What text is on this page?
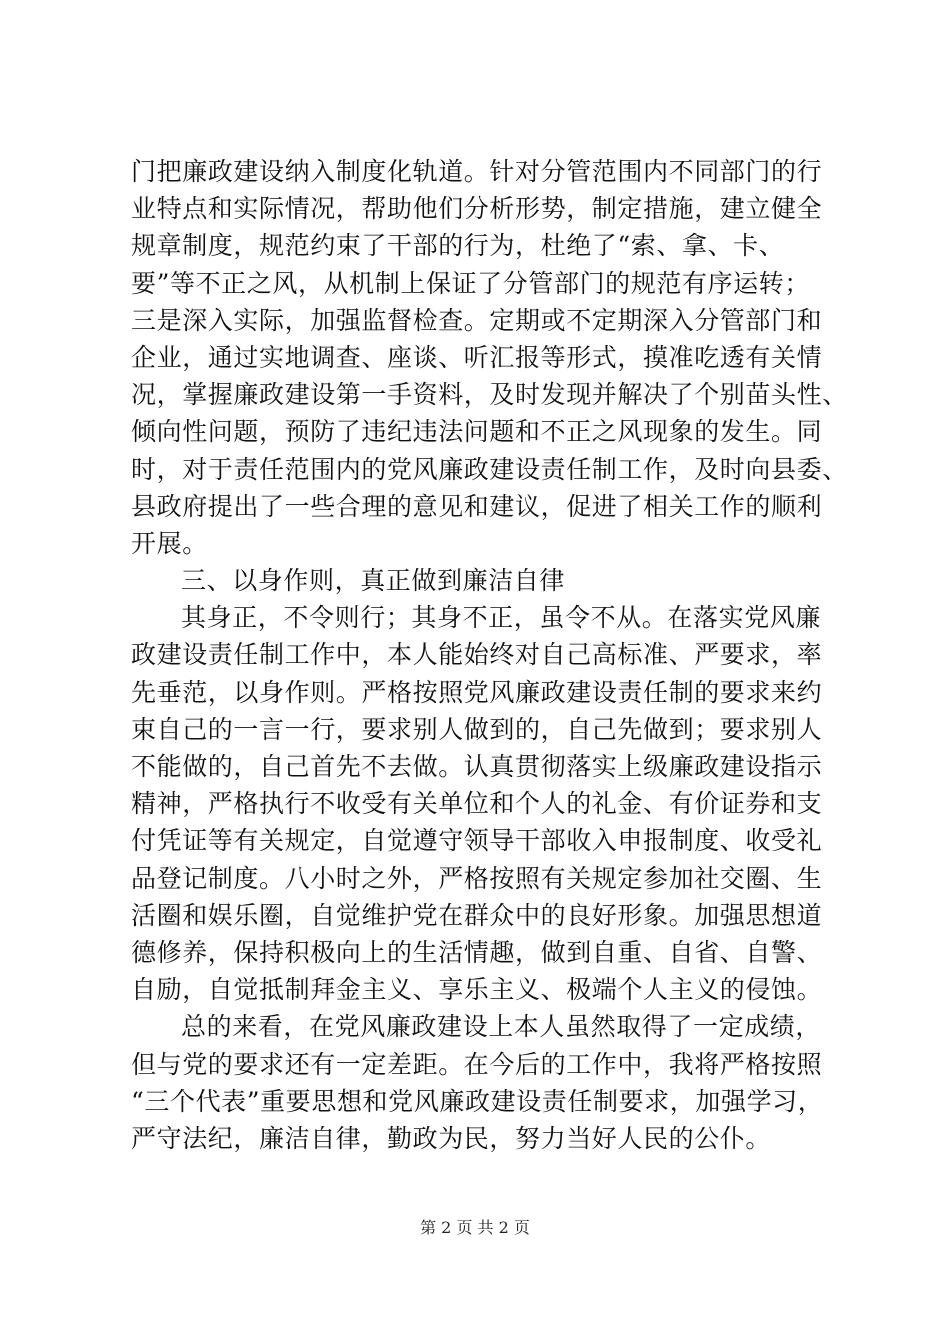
门把廉政建设纳入制度化轨道。针对分管范围内不同部门的行
业特点和实际情况，帮助他们分析形势，制定措施，建立健全
规章制度，规范约束了干部的行为，杜绝了“索、拿、卡、
要”等不正之风，从机制上保证了分管部门的规范有序运转；
三是深入实际，加强监督检查。定期或不定期深入分管部门和
企业，通过实地调查、座谈、听汇报等形式，摸准吃透有关情
况，掌握廉政建设第一手资料，及时发现并解决了个别苗头性、
倾向性问题，预防了违纪违法问题和不正之风现象的发生。同
时，对于责任范围内的党风廉政建设责任制工作，及时向县委、
县政府提出了一些合理的意见和建议，促进了相关工作的顺利
开展。
三、以身作则，真正做到廉洁自律
其身正，不令则行；其身不正，虽令不从。在落实党风廉
政建设责任制工作中，本人能始终对自己高标准、严要求，率
先垂范，以身作则。严格按照党风廉政建设责任制的要求来约
束自己的一言一行，要求别人做到的，自己先做到；要求别人
不能做的，自己首先不去做。认真贯彻落实上级廉政建设指示
精神，严格执行不收受有关单位和个人的礼金、有价证券和支
付凭证等有关规定，自觉遵守领导干部收入申报制度、收受礼
品登记制度。八小时之外，严格按照有关规定参加社交圈、生
活圈和娱乐圈，自觉维护党在群众中的良好形象。加强思想道
德修养，保持积极向上的生活情趣，做到自重、自省、自警、
自励，自觉抵制拜金主义、享乐主义、极端个人主义的侵蚀。
总的来看，在党风廉政建设上本人虽然取得了一定成绩，
但与党的要求还有一定差距。在今后的工作中，我将严格按照
“三个代表”重要思想和党风廉政建设责任制要求，加强学习，
严守法纪，廉洁自律，勤政为民，努力当好人民的公仆。
第 2 页 共 2 页
